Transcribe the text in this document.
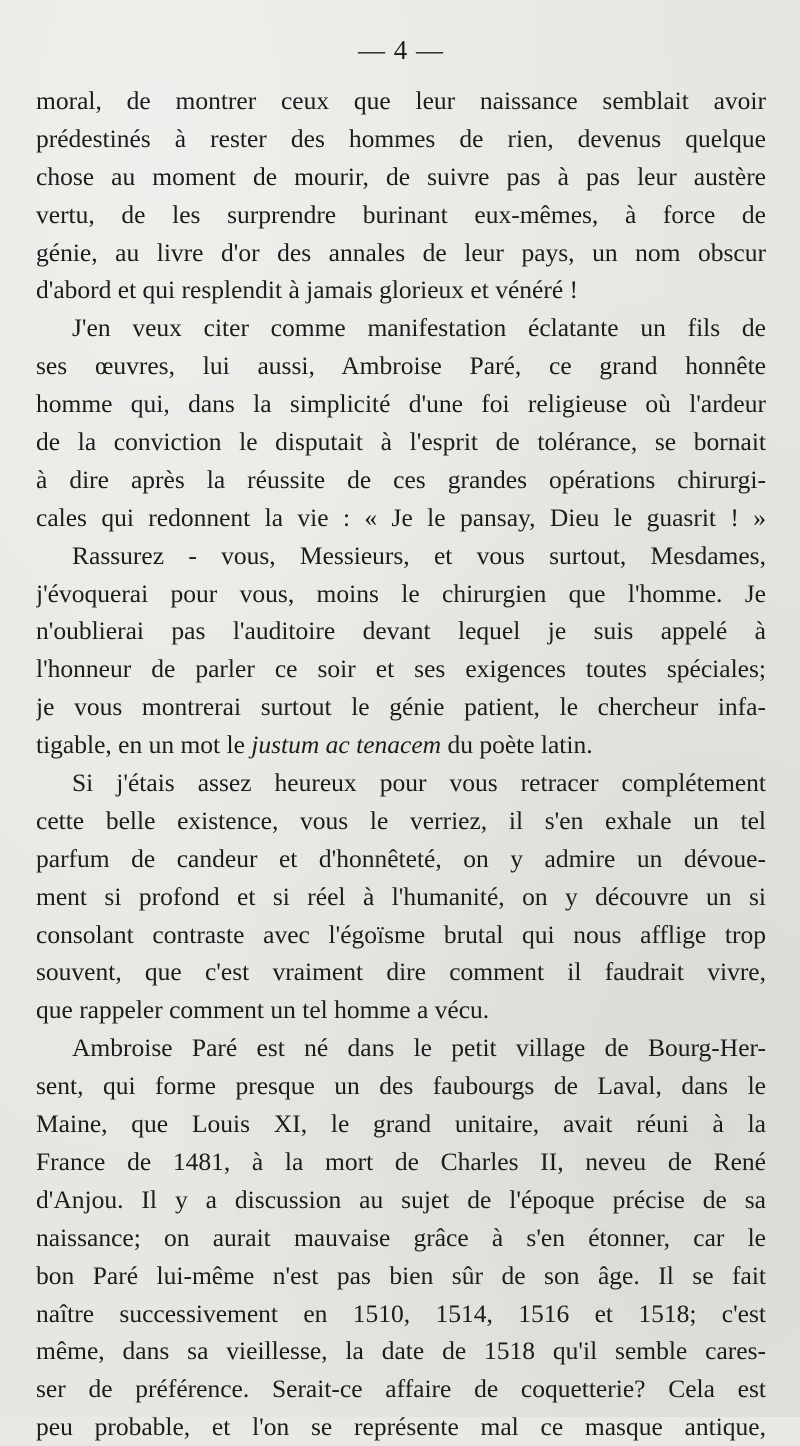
— 4 —
moral, de montrer ceux que leur naissance semblait avoir
prédestinés à rester des hommes de rien, devenus quelque
chose au moment de mourir, de suivre pas à pas leur austère
vertu, de les surprendre burinant eux-mêmes, à force de
génie, au livre d'or des annales de leur pays, un nom obscur
d'abord et qui resplendit à jamais glorieux et vénéré !
J'en veux citer comme manifestation éclatante un fils de
ses œuvres, lui aussi, Ambroise Paré, ce grand honnête
homme qui, dans la simplicité d'une foi religieuse où l'ardeur
de la conviction le disputait à l'esprit de tolérance, se bornait
à dire après la réussite de ces grandes opérations chirurgi-
cales qui redonnent la vie : « Je le pansay, Dieu le guasrit ! »
Rassurez - vous, Messieurs, et vous surtout, Mesdames,
j'évoquerai pour vous, moins le chirurgien que l'homme. Je
n'oublierai pas l'auditoire devant lequel je suis appelé à
l'honneur de parler ce soir et ses exigences toutes spéciales;
je vous montrerai surtout le génie patient, le chercheur infa-
tigable, en un mot le justum ac tenacem du poète latin.
Si j'étais assez heureux pour vous retracer complétement
cette belle existence, vous le verriez, il s'en exhale un tel
parfum de candeur et d'honnêteté, on y admire un dévoue-
ment si profond et si réel à l'humanité, on y découvre un si
consolant contraste avec l'égoïsme brutal qui nous afflige trop
souvent, que c'est vraiment dire comment il faudrait vivre,
que rappeler comment un tel homme a vécu.
Ambroise Paré est né dans le petit village de Bourg-Her-
sent, qui forme presque un des faubourgs de Laval, dans le
Maine, que Louis XI, le grand unitaire, avait réuni à la
France de 1481, à la mort de Charles II, neveu de René
d'Anjou. Il y a discussion au sujet de l'époque précise de sa
naissance; on aurait mauvaise grâce à s'en étonner, car le
bon Paré lui-même n'est pas bien sûr de son âge. Il se fait
naître successivement en 1510, 1514, 1516 et 1518; c'est
même, dans sa vieillesse, la date de 1518 qu'il semble cares-
ser de préférence. Serait-ce affaire de coquetterie? Cela est
peu probable, et l'on se représente mal ce masque antique,
